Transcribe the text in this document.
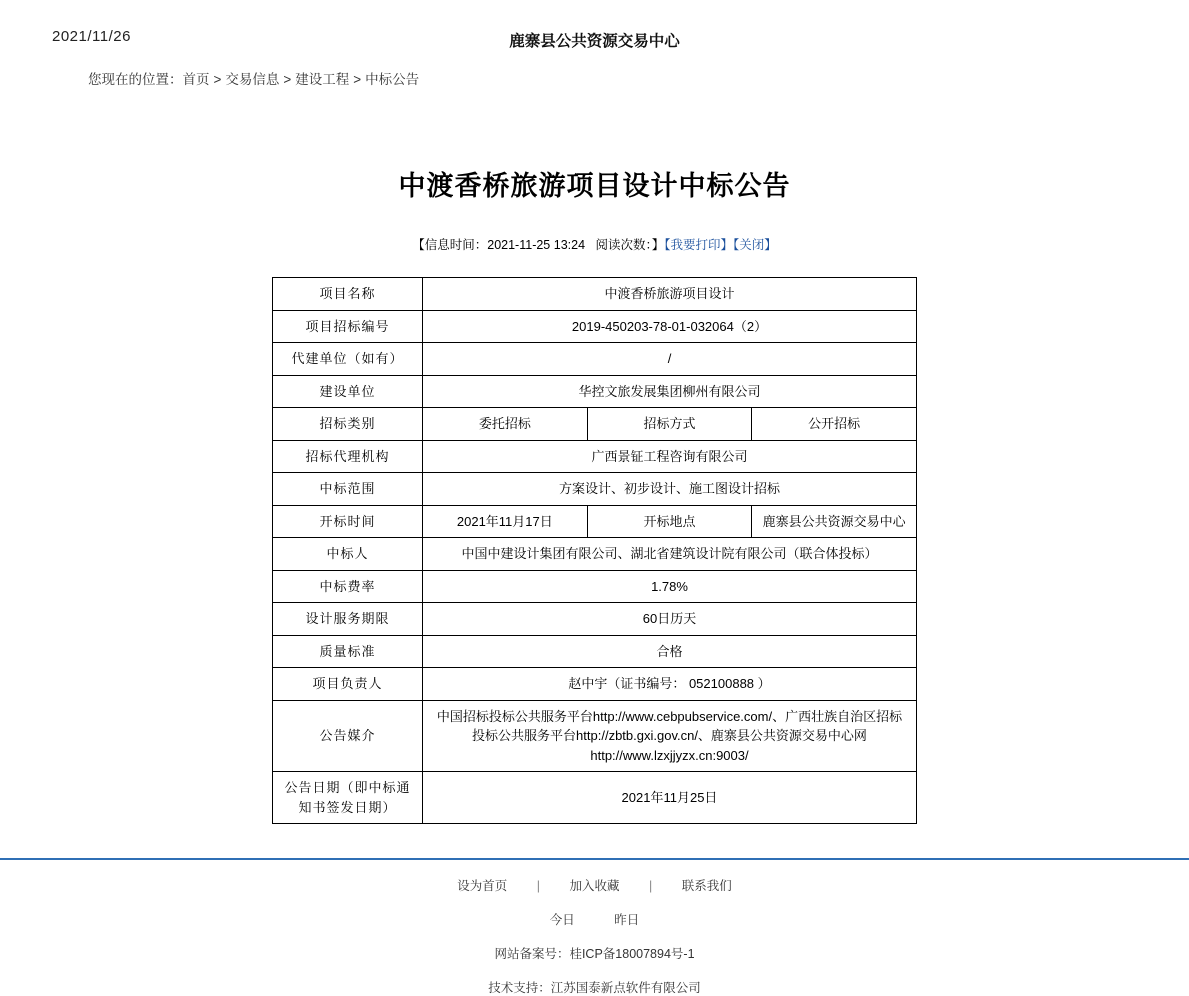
2021/11/26	鹿寨县公共资源交易中心
您现在的位置：首页 > 交易信息 > 建设工程 > 中标公告
中渡香桥旅游项目设计中标公告
【信息时间：2021-11-25 13:24 阅读次数：】【我要打印】【关闭】
项目名称	中渡香桥旅游项目设计		
项目招标编号	2019-450203-78-01-032064（2）		
代建单位（如有）	/		
建设单位	华控文旅发展集团柳州有限公司		
招标类别	委托招标	招标方式	公开招标
招标代理机构	广西景钲工程咨询有限公司		
中标范围	方案设计、初步设计、施工图设计招标		
开标时间	2021年11月17日	开标地点	鹿寨县公共资源交易中心
中标人	中国中建设计集团有限公司、湖北省建筑设计院有限公司（联合体投标）		
中标费率	1.78%		
设计服务期限	60日历天		
质量标准	合格		
项目负责人	赵中宇（证书编号： 052100888 ）		
公告媒介	中国招标投标公共服务平台http://www.cebpubservice.com/、广西壮族自治区招标
投标公共服务平台http://zbtb.gxi.gov.cn/、鹿寨县公共资源交易中心网
http://www.lzxjjyzx.cn:9003/		

公告日期（即中标通
知书签发日期）	2021年11月25日		
设为首页 | 加入收藏 | 联系我们
今日	昨日
网站备案号：桂ICP备18007894号-1
技术支持：江苏国泰新点软件有限公司
